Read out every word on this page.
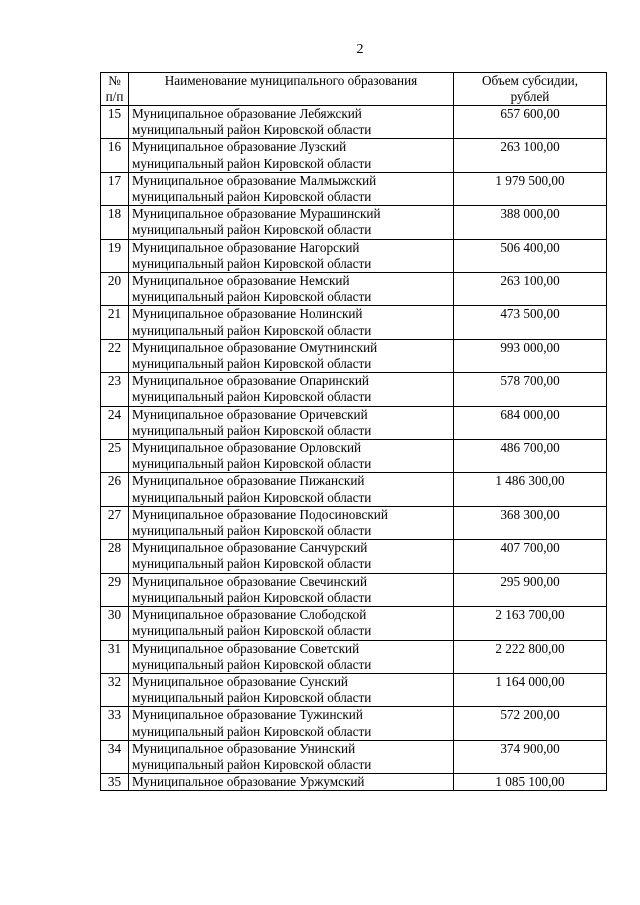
2
№
п/п	Наименование муниципального образования	Объем субсидии,
рублей

15	Муниципальное образование Лебяжский
муниципальный район Кировской области	657 600,00
16	Муниципальное образование Лузский
муниципальный район Кировской области	263 100,00
17	Муниципальное образование Малмыжский
муниципальный район Кировской области	1 979 500,00
18	Муниципальное образование Мурашинский
муниципальный район Кировской области	388 000,00
19	Муниципальное образование Нагорский
муниципальный район Кировской области	506 400,00
20	Муниципальное образование Немский
муниципальный район Кировской области	263 100,00
21	Муниципальное образование Нолинский
муниципальный район Кировской области	473 500,00
22	Муниципальное образование Омутнинский
муниципальный район Кировской области	993 000,00
23	Муниципальное образование Опаринский
муниципальный район Кировской области	578 700,00
24	Муниципальное образование Оричевский
муниципальный район Кировской области	684 000,00
25	Муниципальное образование Орловский
муниципальный район Кировской области	486 700,00
26	Муниципальное образование Пижанский
муниципальный район Кировской области	1 486 300,00
27	Муниципальное образование Подосиновский
муниципальный район Кировской области	368 300,00
28	Муниципальное образование Санчурский
муниципальный район Кировской области	407 700,00
29	Муниципальное образование Свечинский
муниципальный район Кировской области	295 900,00
30	Муниципальное образование Слободской
муниципальный район Кировской области	2 163 700,00
31	Муниципальное образование Советский
муниципальный район Кировской области	2 222 800,00
32	Муниципальное образование Сунский
муниципальный район Кировской области	1 164 000,00
33	Муниципальное образование Тужинский
муниципальный район Кировской области	572 200,00
34	Муниципальное образование Унинский
муниципальный район Кировской области	374 900,00
35	Муниципальное образование Уржумский	1 085 100,00
